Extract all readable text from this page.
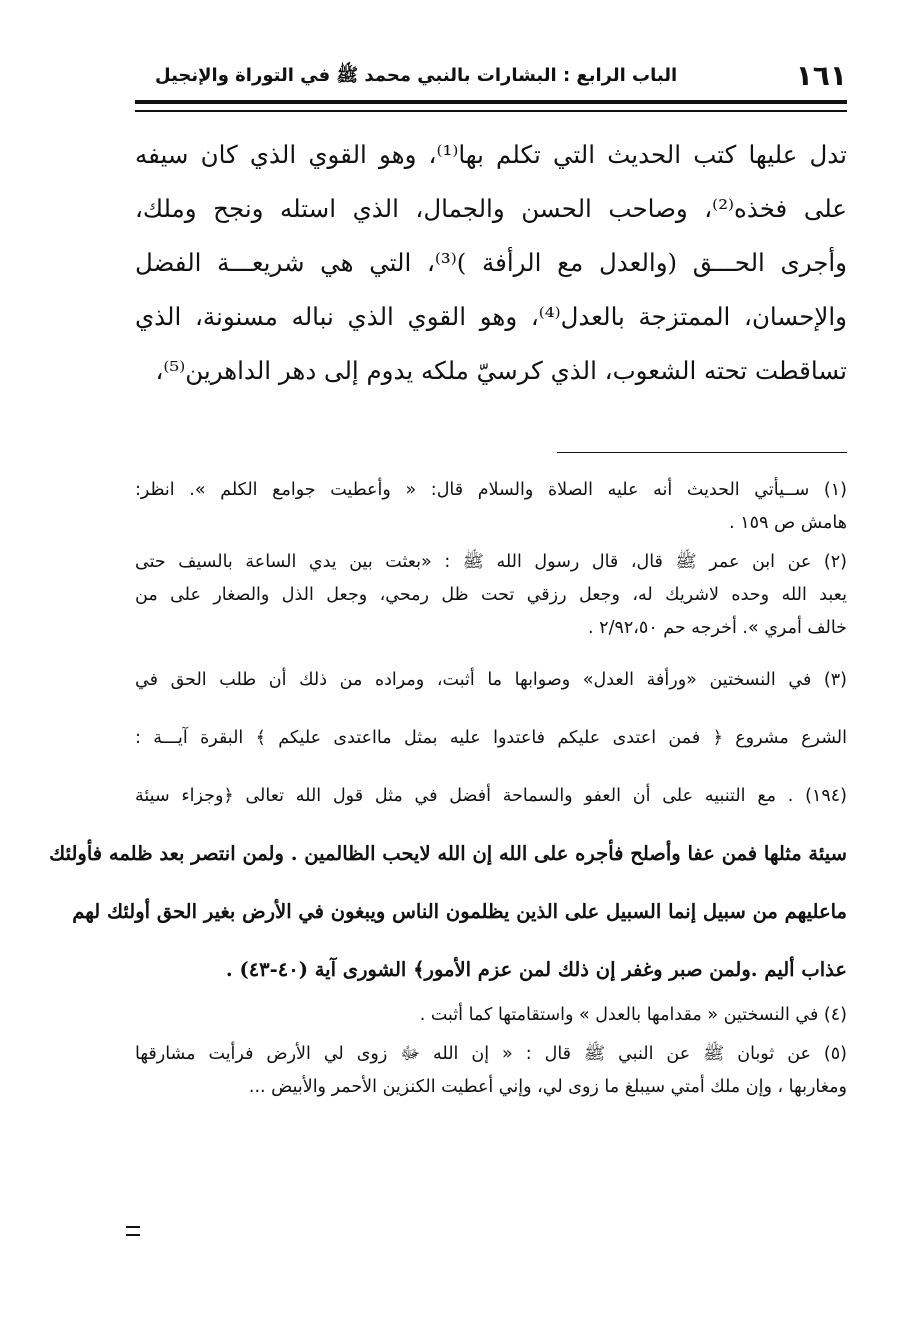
١٦١
الباب الرابع : البشارات بالنبي محمد ﷺ في التوراة والإنجيل
تدل عليها كتب الحديث التي تكلم بها⁽¹⁾، وهو القوي الذي كان سيفه
على فخذه⁽²⁾، وصاحب الحسن والجمال، الذي استله ونجح وملك،
وأجرى الحـــق (والعدل مع الرأفة )⁽³⁾، التي هي شريعـــة الفضل
والإحسان، الممتزجة بالعدل⁽⁴⁾، وهو القوي الذي نباله مسنونة، الذي
تساقطت تحته الشعوب، الذي كرسيّ ملكه يدوم إلى دهر الداهرين⁽⁵⁾،
(١) ســيأتي الحديث أنه عليه الصلاة والسلام قال: « وأعطيت جوامع الكلم ». انظر:
هامش ص ١٥٩ .
(٢) عن ابن عمر ﷺ قال، قال رسول الله ﷺ : «بعثت بين يدي الساعة بالسيف حتى
يعبد الله وحده لاشريك له، وجعل رزقي تحت ظل رمحي، وجعل الذل والصغار على من
خالف أمري ». أخرجه حم ٢/٩٢،٥٠ .
(٣) في النسختين «ورأفة العدل» وصوابها ما أثبت، ومراده من ذلك أن طلب الحق في
الشرع مشروع ﴿ فمن اعتدى عليكم فاعتدوا عليه بمثل مااعتدى عليكم ﴾ البقرة آيـــة :
(١٩٤) . مع التنبيه على أن العفو والسماحة أفضل في مثل قول الله تعالى ﴿وجزاء سيئة
سيئة مثلها فمن عفا وأصلح فأجره على الله إن الله لايحب الظالمين . ولمن انتصر بعد ظلمه فأولئك
ماعليهم من سبيل إنما السبيل على الذين يظلمون الناس ويبغون في الأرض بغير الحق أولئك لهم
عذاب أليم .ولمن صبر وغفر إن ذلك لمن عزم الأمور﴾ الشورى آية (٤٠-٤٣) .
(٤) في النسختين « مقدامها بالعدل » واستقامتها كما أثبت .
(٥) عن ثوبان ﷺ عن النبي ﷺ قال : « إن الله ﷻ زوى لي الأرض فرأيت مشارقها
ومغاربها ، وإن ملك أمتي سيبلغ ما زوى لي، وإني أعطيت الكنزين الأحمر والأبيض ...
